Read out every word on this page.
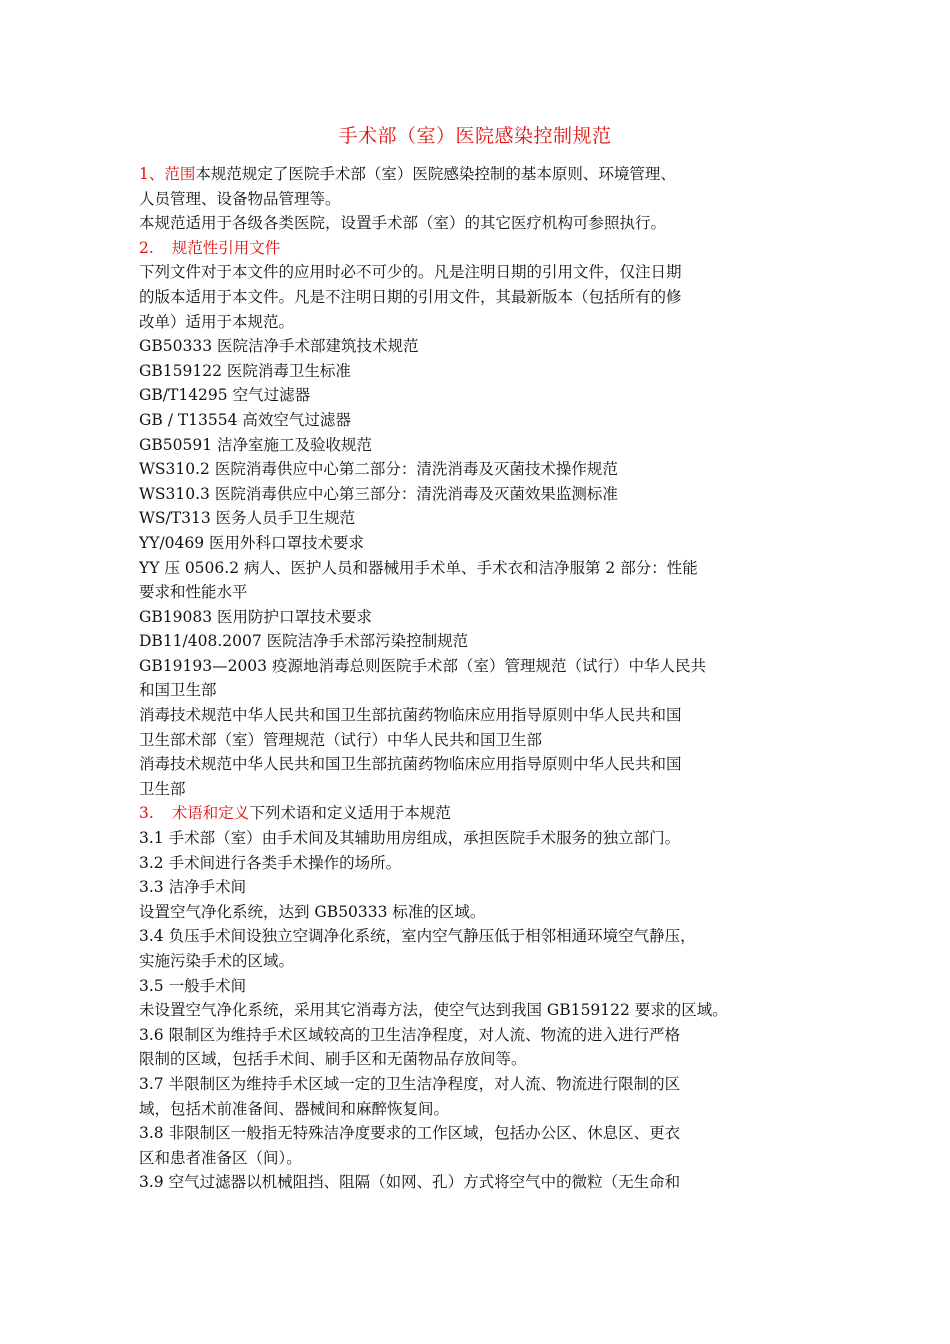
手术部（室）医院感染控制规范
1、范围本规范规定了医院手术部（室）医院感染控制的基本原则、环境管理、
人员管理、设备物品管理等。
本规范适用于各级各类医院，设置手术部（室）的其它医疗机构可参照执行。
2. 规范性引用文件
下列文件对于本文件的应用时必不可少的。凡是注明日期的引用文件，仅注日期
的版本适用于本文件。凡是不注明日期的引用文件，其最新版本（包括所有的修
改单）适用于本规范。
GB50333 医院洁净手术部建筑技术规范
GB159122 医院消毒卫生标准
GB/T14295 空气过滤器
GB / T13554 高效空气过滤器
GB50591 洁净室施工及验收规范
WS310.2 医院消毒供应中心第二部分：清洗消毒及灭菌技术操作规范
WS310.3 医院消毒供应中心第三部分：清洗消毒及灭菌效果监测标准
WS/T313 医务人员手卫生规范
YY/0469 医用外科口罩技术要求
YY 压 0506.2 病人、医护人员和器械用手术单、手术衣和洁净服第 2 部分：性能
要求和性能水平
GB19083 医用防护口罩技术要求
DB11/408.2007 医院洁净手术部污染控制规范
GB19193—2003 疫源地消毒总则医院手术部（室）管理规范（试行）中华人民共
和国卫生部
消毒技术规范中华人民共和国卫生部抗菌药物临床应用指导原则中华人民共和国
卫生部术部（室）管理规范（试行）中华人民共和国卫生部
消毒技术规范中华人民共和国卫生部抗菌药物临床应用指导原则中华人民共和国
卫生部
3. 术语和定义下列术语和定义适用于本规范
3.1 手术部（室）由手术间及其辅助用房组成，承担医院手术服务的独立部门。
3.2 手术间进行各类手术操作的场所。
3.3 洁净手术间
设置空气净化系统，达到 GB50333 标准的区域。
3.4 负压手术间设独立空调净化系统，室内空气静压低于相邻相通环境空气静压，
实施污染手术的区域。
3.5 一般手术间
未设置空气净化系统，采用其它消毒方法，使空气达到我国 GB159122 要求的区域。
3.6 限制区为维持手术区域较高的卫生洁净程度，对人流、物流的进入进行严格
限制的区域，包括手术间、刷手区和无菌物品存放间等。
3.7 半限制区为维持手术区域一定的卫生洁净程度，对人流、物流进行限制的区
域，包括术前准备间、器械间和麻醉恢复间。
3.8 非限制区一般指无特殊洁净度要求的工作区域，包括办公区、休息区、更衣
区和患者准备区（间）。
3.9 空气过滤器以机械阻挡、阻隔（如网、孔）方式将空气中的微粒（无生命和
